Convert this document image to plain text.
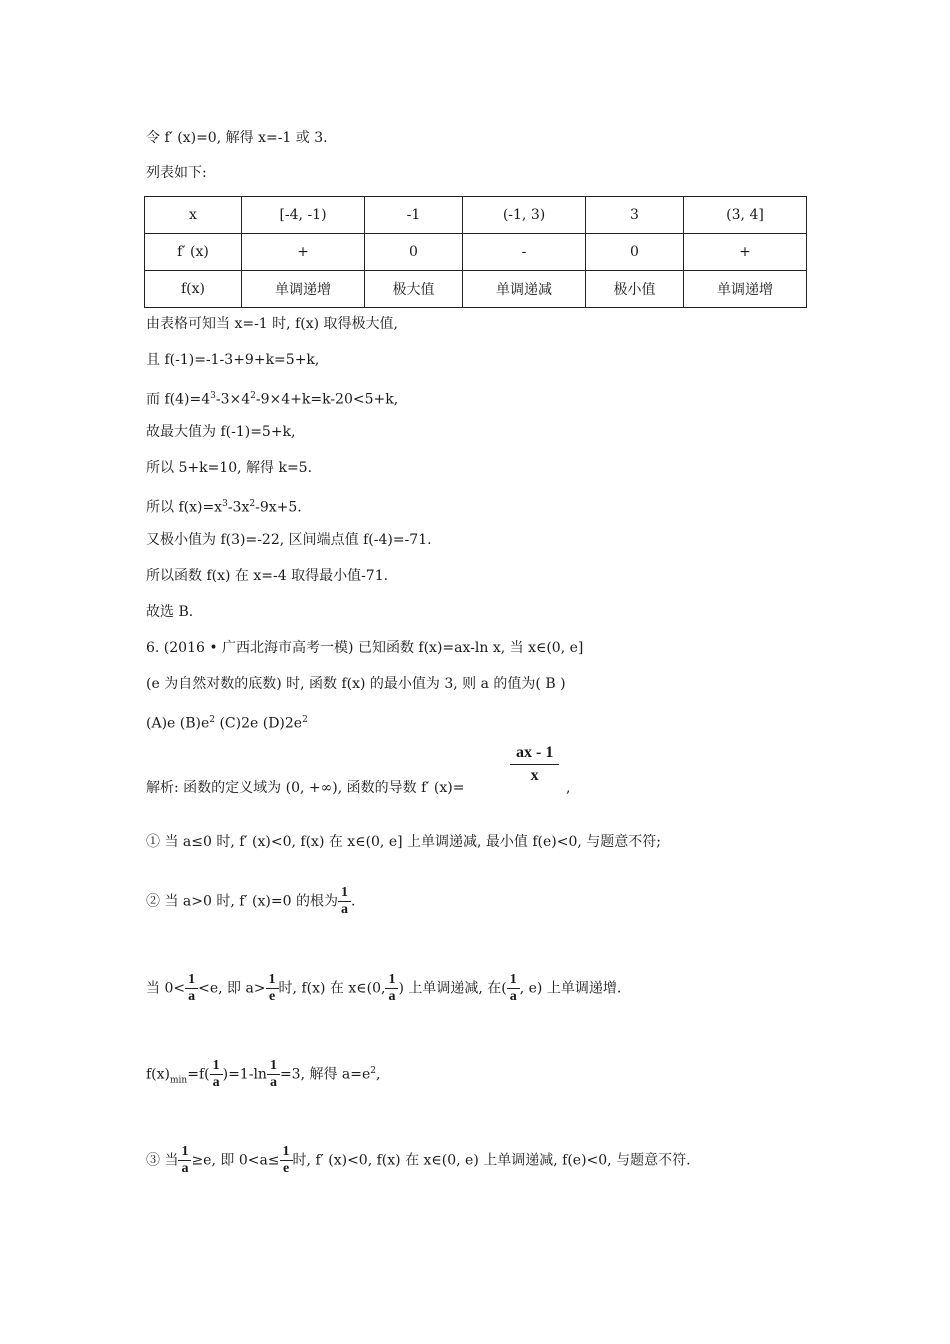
令 f′ (x)=0, 解得 x=-1 或 3.
列表如下:
x	[-4, -1)	-1	(-1, 3)	3	(3, 4]
f′ (x)	+	0	-	0	+
f(x)	单调递增	极大值	单调递减	极小值	单调递增
由表格可知当 x=-1 时, f(x) 取得极大值,
且 f(-1)=-1-3+9+k=5+k,
而 $f(4)=4^3-3\times 4^2-9\times 4+k=k-20<5+k$,
故最大值为 f(-1)=5+k,
所以 5+k=10, 解得 k=5.
所以 $f(x)=x^3-3x^2-9x+5$.
又极小值为 f(3)=-22, 区间端点值 f(-4)=-71.
所以函数 f(x) 在 x=-4 取得最小值-71.
故选 B.
6. (2016 • 广西北海市高考一模) 已知函数 f(x)=ax-ln x, 当 x∈(0, e]
(e 为自然对数的底数) 时, 函数 f(x) 的最小值为 3, 则 a 的值为( B )
(A)e $(B)e^2$ (C)2e $(D)2e^2$
$\frac{ax - 1}{x}$
解析: 函数的定义域为 (0, +∞), 函数的导数 f′ (x)=	,
① 当 a≤0 时, f′ (x)<0, f(x) 在 x∈(0, e] 上单调递减, 最小值 f(e)<0, 与题意不符;
② 当 a>0 时, f′ (x)=0 的根为 $\frac{1}{a}$ .
当 $0< \frac{1}{a} <e$, 即 $a> \frac{1}{e}$ 时, f(x) 在 x∈(0, $\frac{1}{a}$ ) 上单调递减, 在( $\frac{1}{a}$ , e) 上单调递增.
$f(x)_{min}=f( \frac{1}{a} )=1-\ln \frac{1}{a} =3$, 解得 $a=e^2$,
③ 当 $\frac{1}{a} \ge e$, 即 $0<a\le \frac{1}{e}$ 时, f′ (x)<0, f(x) 在 x∈(0, e) 上单调递减, f(e)<0, 与题意不符.
